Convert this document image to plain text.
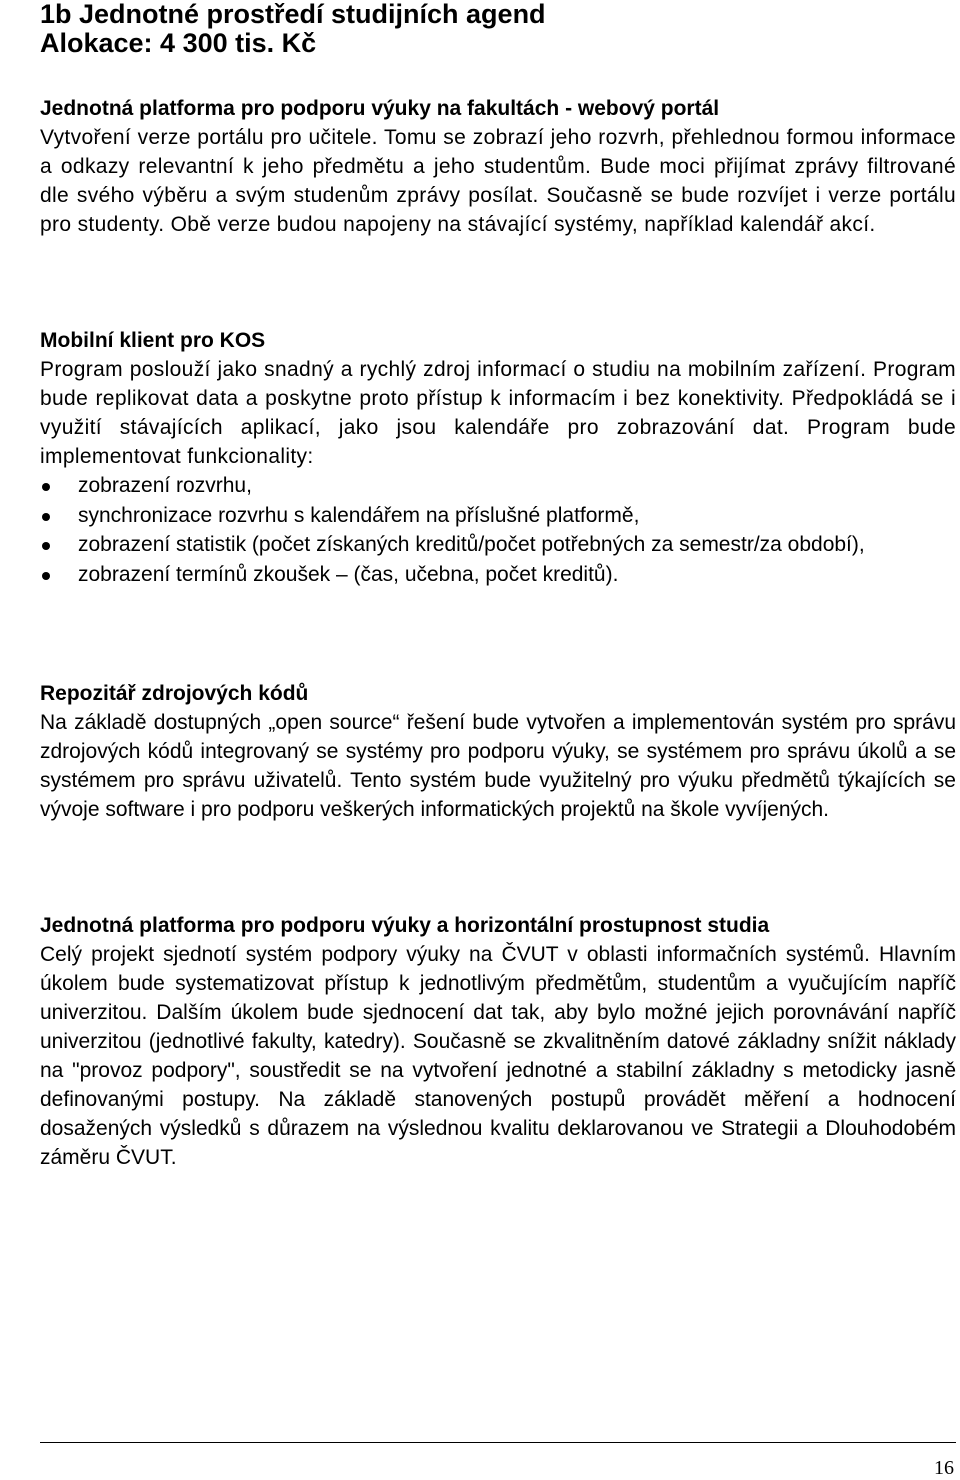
1b Jednotné prostředí studijních agend
Alokace: 4 300 tis. Kč
Jednotná platforma pro podporu výuky na fakultách - webový portál

Vytvoření verze portálu pro učitele. Tomu se zobrazí jeho rozvrh, přehlednou formou informace a odkazy relevantní k jeho předmětu a jeho studentům. Bude moci přijímat zprávy filtrované dle svého výběru a svým studenům zprávy posílat. Současně se bude rozvíjet i verze portálu pro studenty. Obě verze budou napojeny na stávající systémy, například kalendář akcí.

Mobilní klient pro KOS

Program poslouží jako snadný a rychlý zdroj informací o studiu na mobilním zařízení. Program bude replikovat data a poskytne proto přístup k informacím i bez konektivity. Předpokládá se i využití stávajících aplikací, jako jsou kalendáře pro zobrazování dat. Program bude implementovat funkcionality:

zobrazení rozvrhu,
synchronizace rozvrhu s kalendářem na příslušné platformě,
zobrazení statistik (počet získaných kreditů/počet potřebných za semestr/za období),
zobrazení termínů zkoušek – (čas, učebna, počet kreditů).
Repozitář zdrojových kódů

Na základě dostupných „open source“ řešení bude vytvořen a implementován systém pro správu zdrojových kódů integrovaný se systémy pro podporu výuky, se systémem pro správu úkolů a se systémem pro správu uživatelů. Tento systém bude využitelný pro výuku předmětů týkajících se vývoje software i pro podporu veškerých informatických projektů na škole vyvíjených.

Jednotná platforma pro podporu výuky a horizontální prostupnost studia

Celý projekt sjednotí systém podpory výuky na ČVUT v oblasti informačních systémů. Hlavním úkolem bude systematizovat přístup k jednotlivým předmětům, studentům a vyučujícím napříč univerzitou. Dalším úkolem bude sjednocení dat tak, aby bylo možné jejich porovnávání napříč univerzitou (jednotlivé fakulty, katedry). Současně se zkvalitněním datové základny snížit náklady na "provoz podpory", soustředit se na vytvoření jednotné a stabilní základny s metodicky jasně definovanými postupy. Na základě stanovených postupů provádět měření a hodnocení dosažených výsledků s důrazem na výslednou kvalitu deklarovanou ve Strategii a Dlouhodobém záměru ČVUT.

16
